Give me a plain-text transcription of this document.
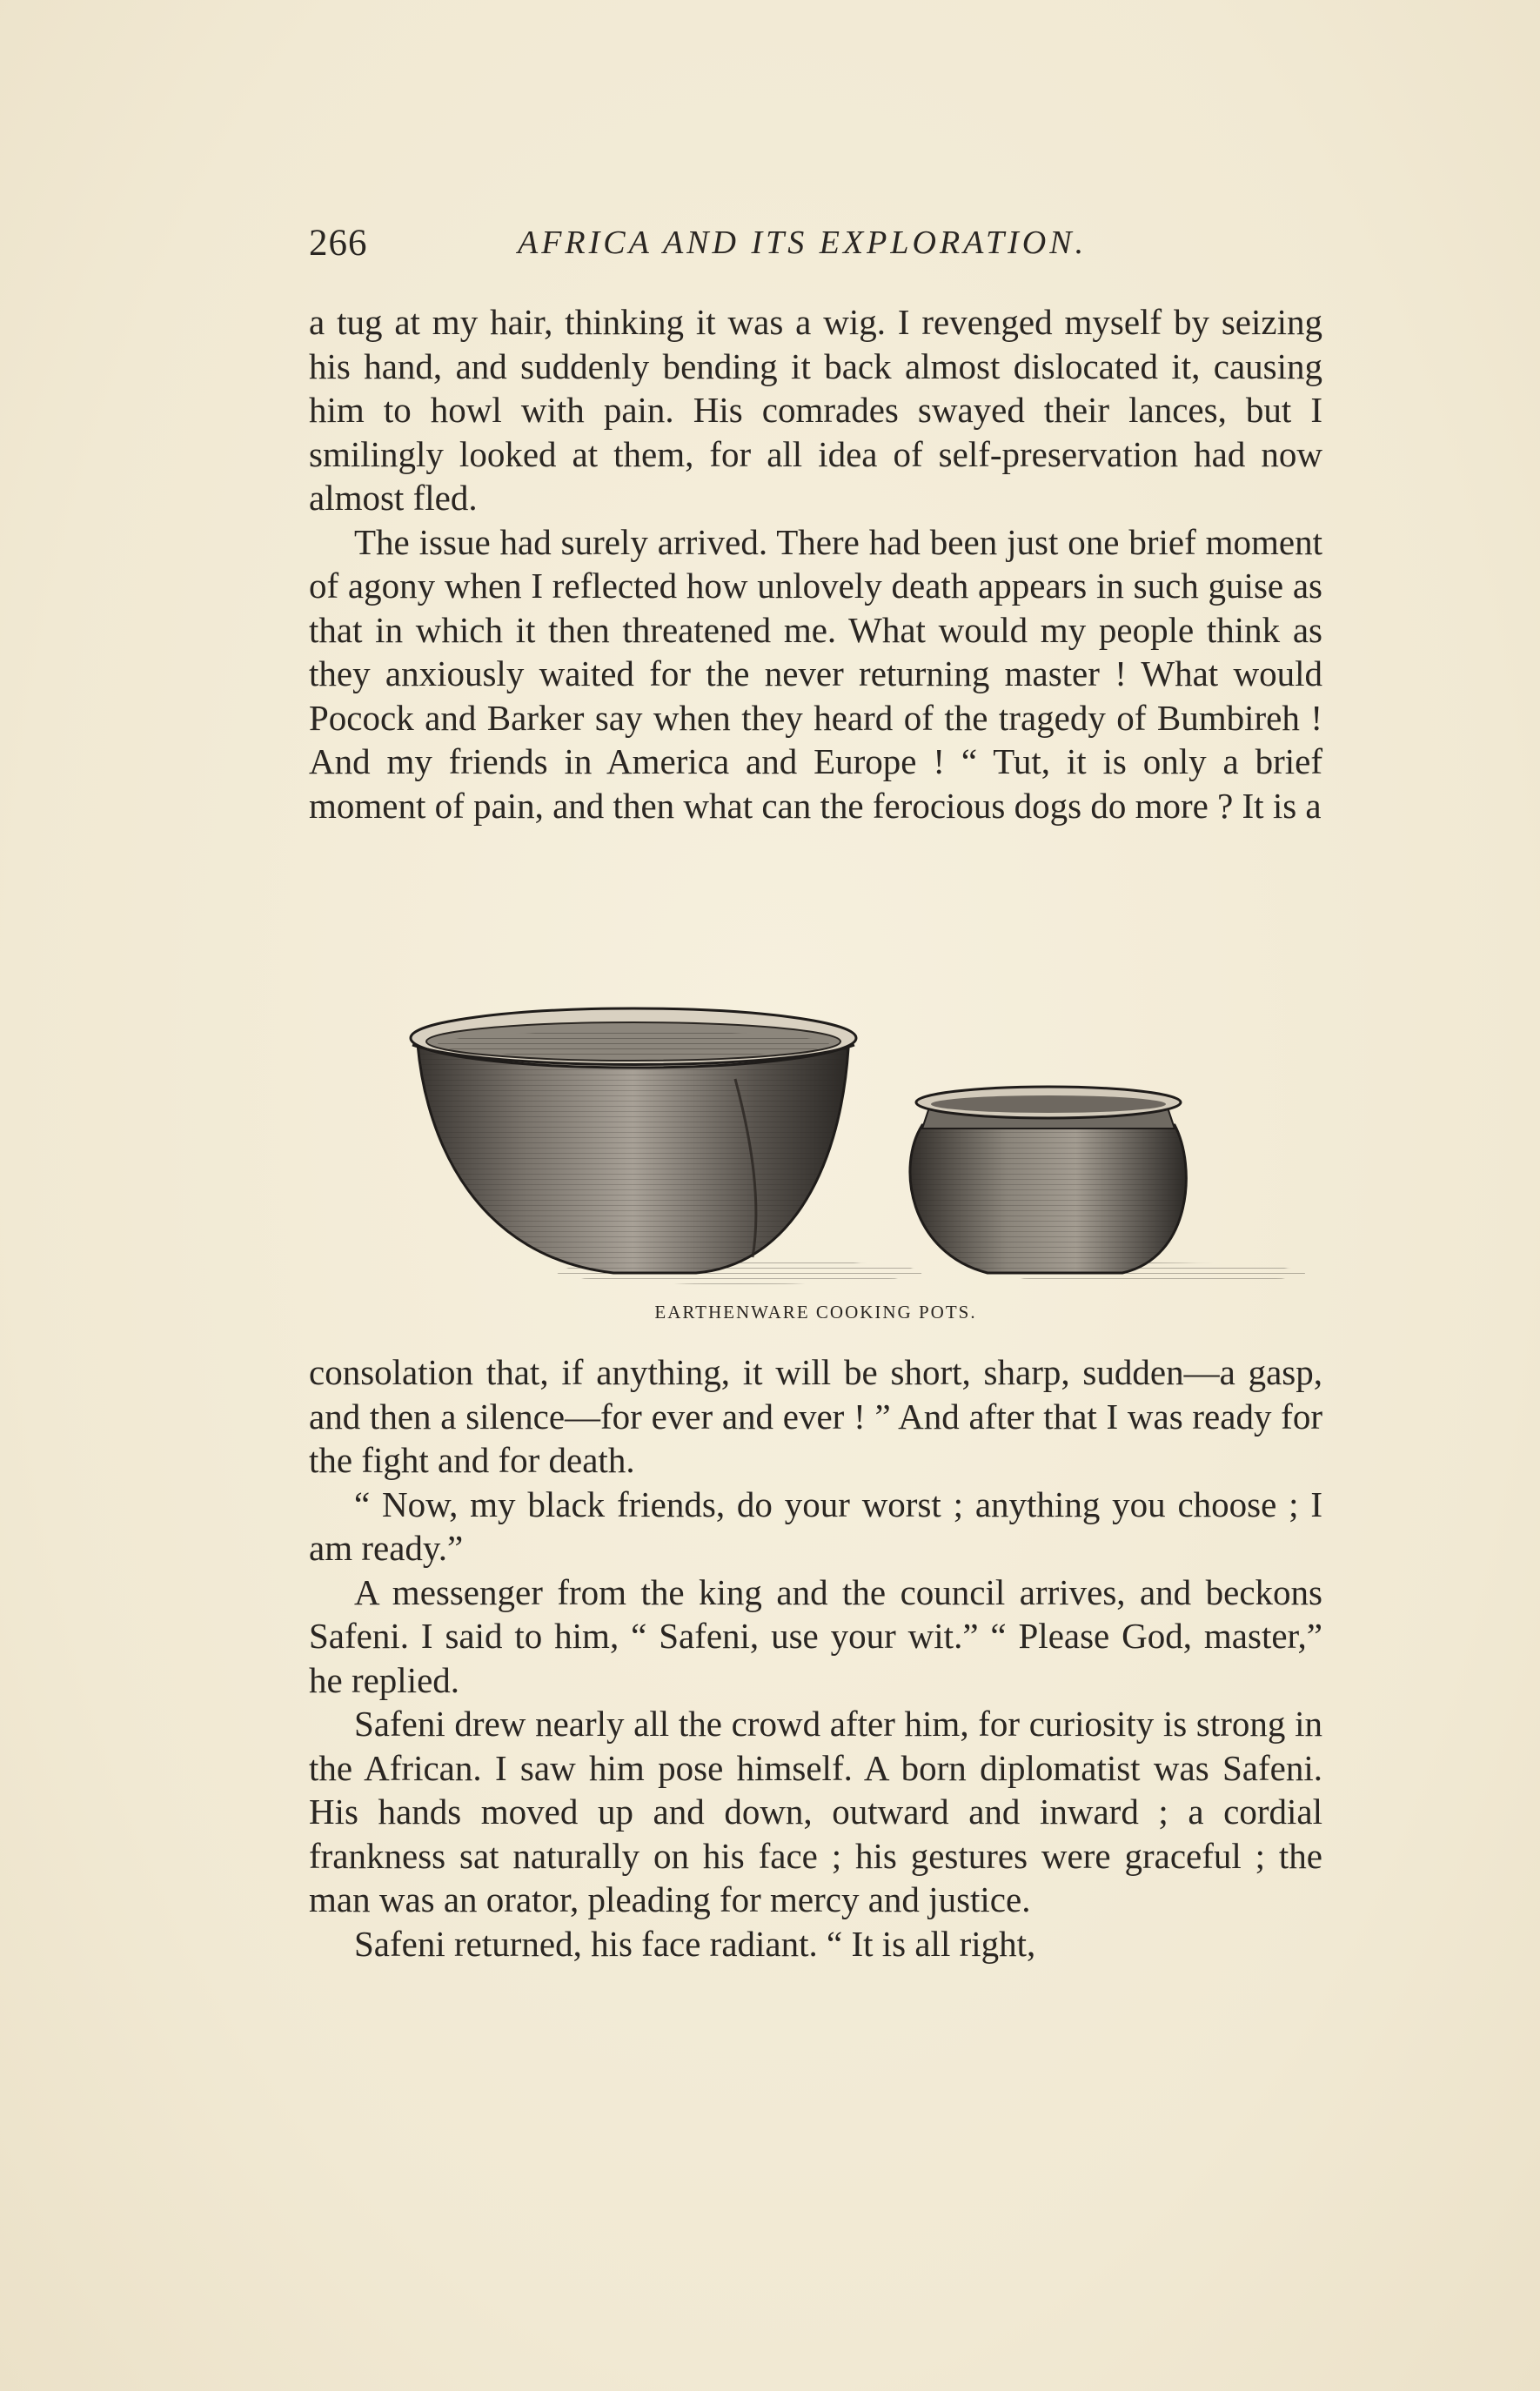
266	AFRICA AND ITS EXPLORATION.

a tug at my hair, thinking it was a wig. I revenged myself by seizing his hand, and suddenly bending it back almost dislocated it, causing him to howl with pain. His comrades swayed their lances, but I smilingly looked at them, for all idea of self-preservation had now almost fled.

The issue had surely arrived. There had been just one brief moment of agony when I reflected how unlovely death appears in such guise as that in which it then threatened me. What would my people think as they anxiously waited for the never returning master ! What would Pocock and Barker say when they heard of the tragedy of Bumbireh ! And my friends in America and Europe ! “ Tut, it is only a brief moment of pain, and then what can the ferocious dogs do more ? It is a

EARTHENWARE COOKING POTS.

consolation that, if anything, it will be short, sharp, sudden—a gasp, and then a silence—for ever and ever ! ” And after that I was ready for the fight and for death.

“ Now, my black friends, do your worst ; anything you choose ; I am ready.”

A messenger from the king and the council arrives, and beckons Safeni. I said to him, “ Safeni, use your wit.” “ Please God, master,” he replied.

Safeni drew nearly all the crowd after him, for curiosity is strong in the African. I saw him pose himself. A born diplomatist was Safeni. His hands moved up and down, outward and inward ; a cordial frankness sat naturally on his face ; his gestures were graceful ; the man was an orator, pleading for mercy and justice.

Safeni returned, his face radiant. “ It is all right,
